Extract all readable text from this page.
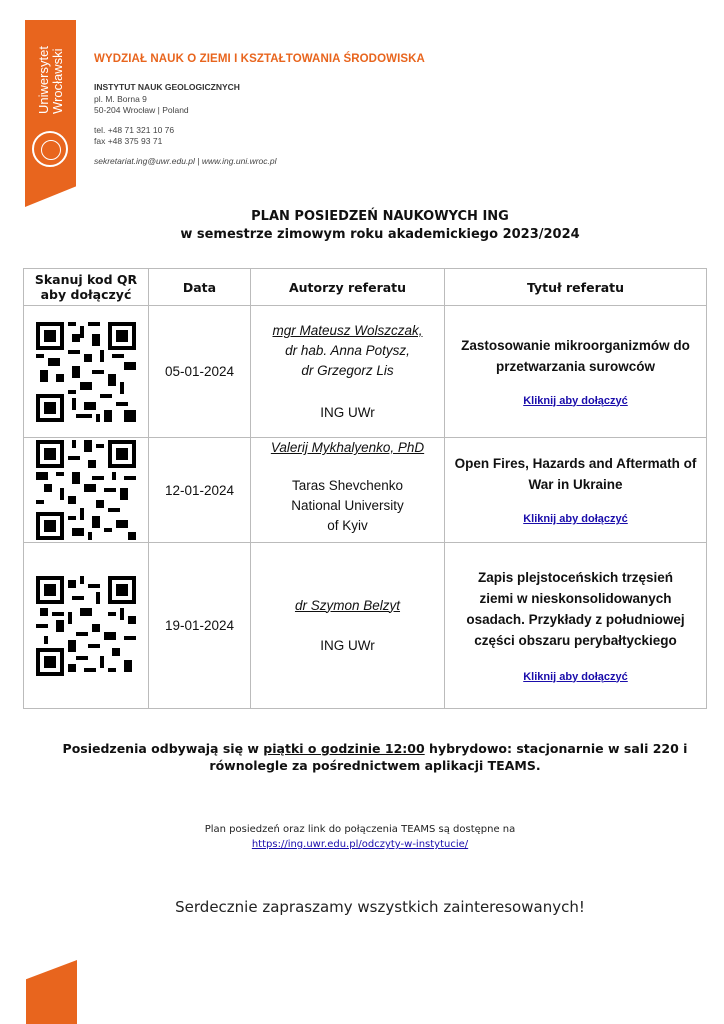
Uniwersytet Wrocławski	WYDZIAŁ NAUK O ZIEMI I KSZTAŁTOWANIA ŚRODOWISKA
INSTYTUT NAUK GEOLOGICZNYCH
pl. M. Borna 9
50-204 Wrocław | Poland
tel. +48 71 321 10 76
fax +48 375 93 71
sekretariat.ing@uwr.edu.pl | www.ing.uni.wroc.pl
PLAN POSIEDZEŃ NAUKOWYCH ING
w semestrze zimowym roku akademickiego 2023/2024
Skanuj kod QR
aby dołączyć	Data	Autorzy referatu	Tytuł referatu

	05-01-2024	mgr Mateusz Wolszczak,
dr hab. Anna Potysz,
dr Grzegorz Lis
ING UWr	Zastosowanie mikroorganizmów do przetwarzania surowców
Kliknij aby dołączyć

	12-01-2024	Valerij Mykhalyenko, PhD
Taras Shevchenko
National University
of Kyiv	Open Fires, Hazards and Aftermath of War in Ukraine
Kliknij aby dołączyć

	19-01-2024	dr Szymon Belzyt
ING UWr	Zapis plejstoceńskich trzęsień ziemi w nieskonsolidowanych osadach. Przykłady z południowej części obszaru perybałtyckiego
Kliknij aby dołączyć
Posiedzenia odbywają się w piątki o godzinie 12:00 hybrydowo: stacjonarnie w sali 220 i równolegle za pośrednictwem aplikacji TEAMS.
Plan posiedzeń oraz link do połączenia TEAMS są dostępne na
https://ing.uwr.edu.pl/odczyty-w-instytucie/
Serdecznie zapraszamy wszystkich zainteresowanych!
